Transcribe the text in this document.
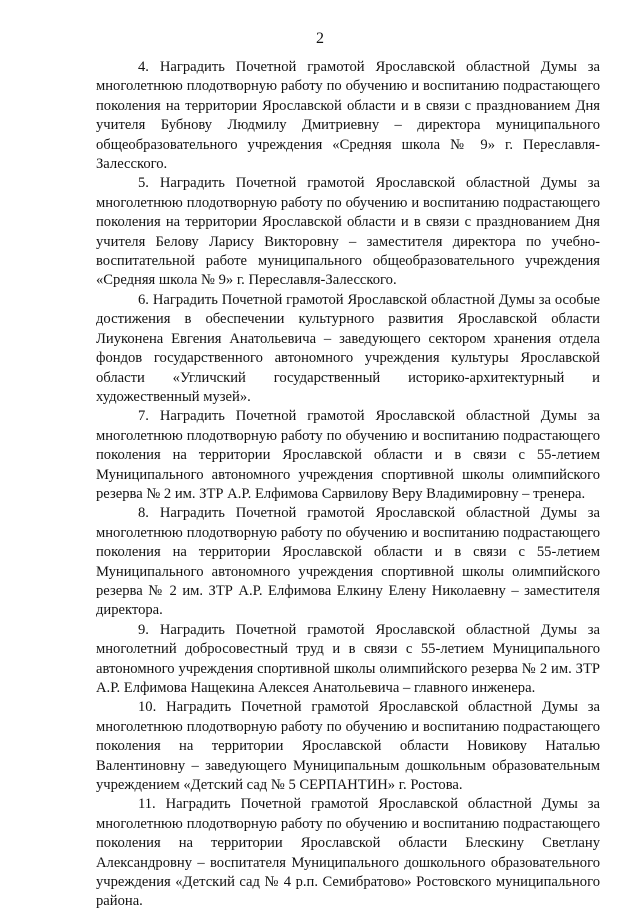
2

4. Наградить Почетной грамотой Ярославской областной Думы за многолетнюю плодотворную работу по обучению и воспитанию подрастающего поколения на территории Ярославской области и в связи с празднованием Дня учителя Бубнову Людмилу Дмитриевну – директора муниципального общеобразовательного учреждения «Средняя школа № 9» г. Переславля-Залесского.

5. Наградить Почетной грамотой Ярославской областной Думы за многолетнюю плодотворную работу по обучению и воспитанию подрастающего поколения на территории Ярославской области и в связи с празднованием Дня учителя Белову Ларису Викторовну – заместителя директора по учебно-воспитательной работе муниципального общеобразовательного учреждения «Средняя школа № 9» г. Переславля-Залесского.

6. Наградить Почетной грамотой Ярославской областной Думы за особые достижения в обеспечении культурного развития Ярославской области Лиуконена Евгения Анатольевича – заведующего сектором хранения отдела фондов государственного автономного учреждения культуры Ярославской области «Угличский государственный историко-архитектурный и художественный музей».

7. Наградить Почетной грамотой Ярославской областной Думы за многолетнюю плодотворную работу по обучению и воспитанию подрастающего поколения на территории Ярославской области и в связи с 55-летием Муниципального автономного учреждения спортивной школы олимпийского резерва № 2 им. ЗТР А.Р. Елфимова Сарвилову Веру Владимировну – тренера.

8. Наградить Почетной грамотой Ярославской областной Думы за многолетнюю плодотворную работу по обучению и воспитанию подрастающего поколения на территории Ярославской области и в связи с 55-летием Муниципального автономного учреждения спортивной школы олимпийского резерва № 2 им. ЗТР А.Р. Елфимова Елкину Елену Николаевну – заместителя директора.

9. Наградить Почетной грамотой Ярославской областной Думы за многолетний добросовестный труд и в связи с 55-летием Муниципального автономного учреждения спортивной школы олимпийского резерва № 2 им. ЗТР А.Р. Елфимова Нащекина Алексея Анатольевича – главного инженера.

10. Наградить Почетной грамотой Ярославской областной Думы за многолетнюю плодотворную работу по обучению и воспитанию подрастающего поколения на территории Ярославской области Новикову Наталью Валентиновну – заведующего Муниципальным дошкольным образовательным учреждением «Детский сад № 5 СЕРПАНТИН» г. Ростова.

11. Наградить Почетной грамотой Ярославской областной Думы за многолетнюю плодотворную работу по обучению и воспитанию подрастающего поколения на территории Ярославской области Блескину Светлану Александровну – воспитателя Муниципального дошкольного образовательного учреждения «Детский сад № 4 р.п. Семибратово» Ростовского муниципального района.
